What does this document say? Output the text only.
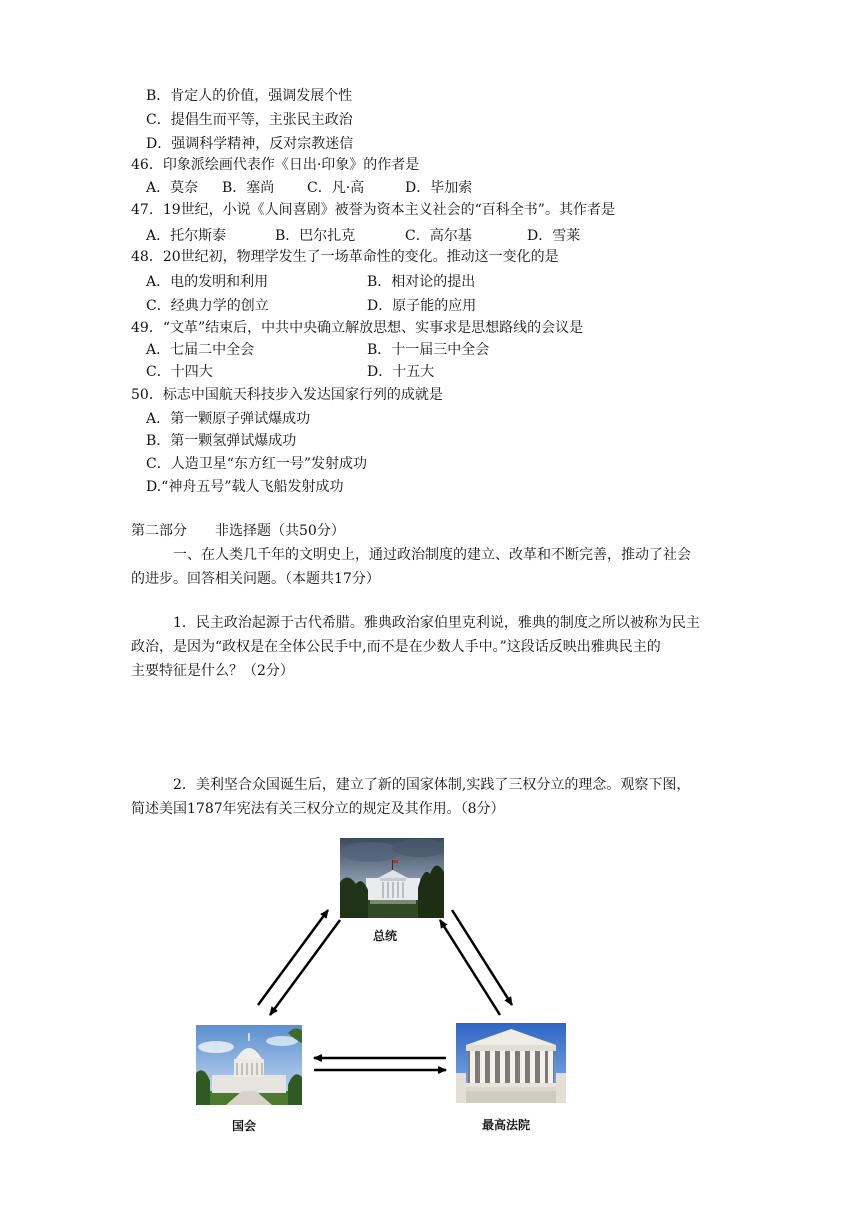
B．肯定人的价值，强调发展个性
C．提倡生而平等，主张民主政治
D．强调科学精神，反对宗教迷信
46．印象派绘画代表作《日出·印象》的作者是
A．莫奈 B．塞尚 C．凡·高	D．毕加索
47．19世纪，小说《人间喜剧》被誉为资本主义社会的“百科全书”。其作者是
A．托尔斯泰	B．巴尔扎克	C．高尔基	D．雪莱
48．20世纪初，物理学发生了一场革命性的变化。推动这一变化的是
A．电的发明和利用	B．相对论的提出
C．经典力学的创立	D．原子能的应用
49．“文革”结束后，中共中央确立解放思想、实事求是思想路线的会议是
A．七届二中全会	B．十一届三中全会
C．十四大	D．十五大
50．标志中国航天科技步入发达国家行列的成就是
A．第一颗原子弹试爆成功
B．第一颗氢弹试爆成功
C．人造卫星“东方红一号”发射成功
D.“神舟五号”载人飞船发射成功
第二部分　　非选择题（共50分）
一、在人类几千年的文明史上，通过政治制度的建立、改革和不断完善，推动了社会
的进步。回答相关问题。（本题共17分）
1．民主政治起源于古代希腊。雅典政治家伯里克利说，雅典的制度之所以被称为民主
政治，是因为“政权是在全体公民手中,而不是在少数人手中。”这段话反映出雅典民主的
主要特征是什么？（2分）
2．美利坚合众国诞生后，建立了新的国家体制,实践了三权分立的理念。观察下图，
简述美国1787年宪法有关三权分立的规定及其作用。（8分）
总统
国会	最高法院
